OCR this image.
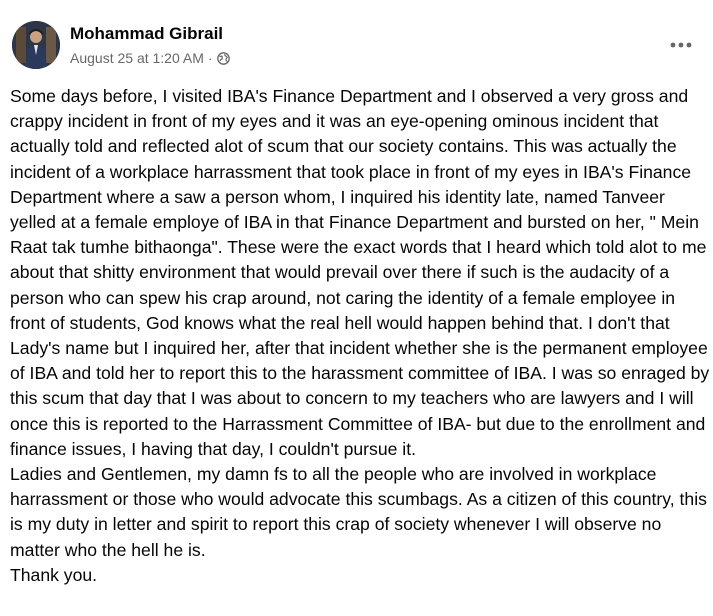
Mohammad Gibrail
August 25 at 1:20 AM ·

Some days before, I visited IBA's Finance Department and I observed a very gross and crappy incident in front of my eyes and it was an eye-opening ominous incident that actually told and reflected alot of scum that our society contains. This was actually the incident of a workplace harrassment that took place in front of my eyes in IBA's Finance Department where a saw a person whom, I inquired his identity late, named Tanveer yelled at a female employe of IBA in that Finance Department and bursted on her, " Mein Raat tak tumhe bithaonga". These were the exact words that I heard which told alot to me about that shitty environment that would prevail over there if such is the audacity of a person who can spew his crap around, not caring the identity of a female employee in front of students, God knows what the real hell would happen behind that. I don't that Lady's name but I inquired her, after that incident whether she is the permanent employee of IBA and told her to report this to the harassment committee of IBA. I was so enraged by this scum that day that I was about to concern to my teachers who are lawyers and I will once this is reported to the Harrassment Committee of IBA- but due to the enrollment and finance issues, I having that day, I couldn't pursue it.

Ladies and Gentlemen, my damn fs to all the people who are involved in workplace harrassment or those who would advocate this scumbags. As a citizen of this country, this is my duty in letter and spirit to report this crap of society whenever I will observe no matter who the hell he is.

Thank you.
